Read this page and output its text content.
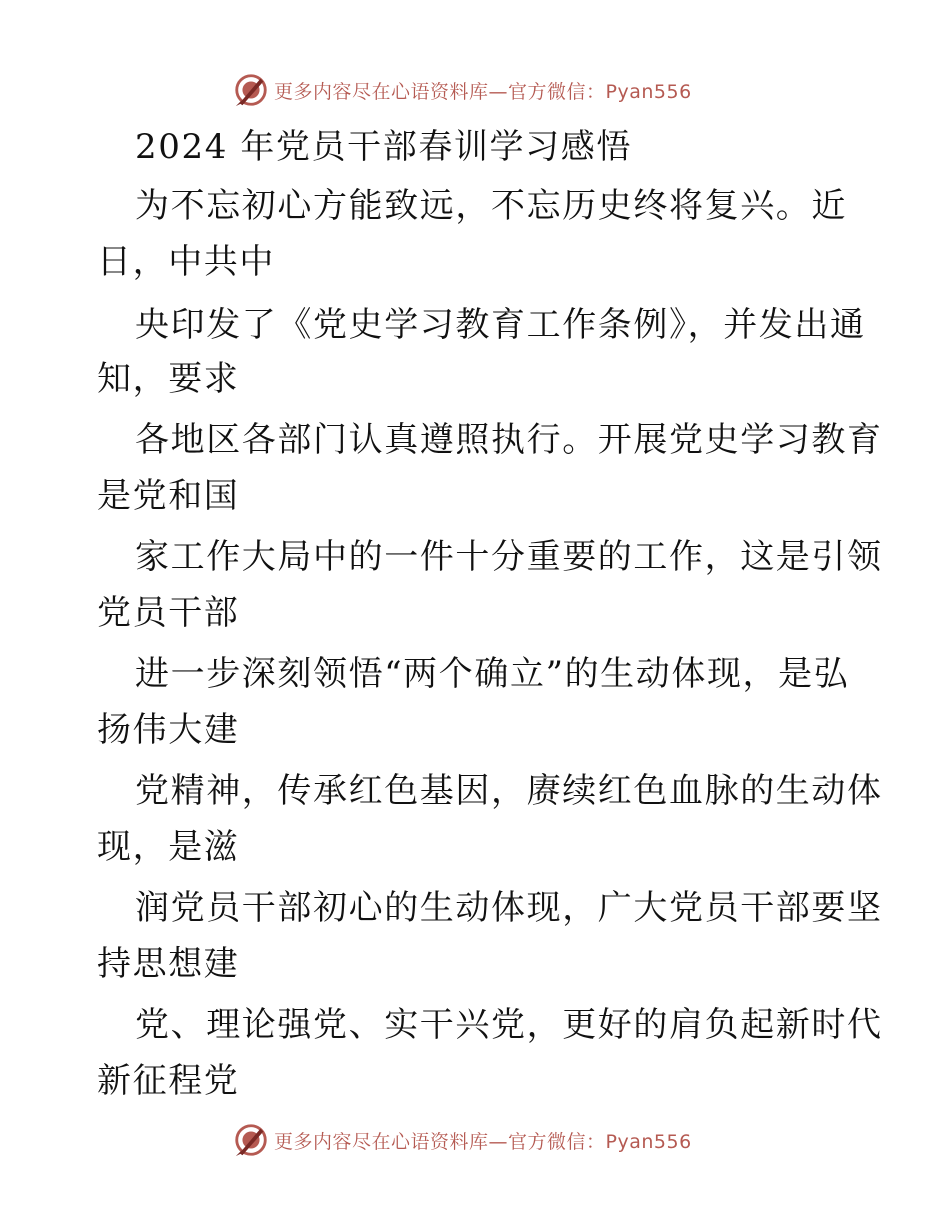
更多内容尽在心语资料库—官方微信：Pyan556
2024 年党员干部春训学习感悟
为不忘初心方能致远，不忘历史终将复兴。近
日，中共中
央印发了《党史学习教育工作条例》，并发出通
知，要求
各地区各部门认真遵照执行。开展党史学习教育
是党和国
家工作大局中的一件十分重要的工作，这是引领
党员干部
进一步深刻领悟“两个确立”的生动体现，是弘
扬伟大建
党精神，传承红色基因，赓续红色血脉的生动体
现，是滋
润党员干部初心的生动体现，广大党员干部要坚
持思想建
党、理论强党、实干兴党，更好的肩负起新时代
新征程党
更多内容尽在心语资料库—官方微信：Pyan556
